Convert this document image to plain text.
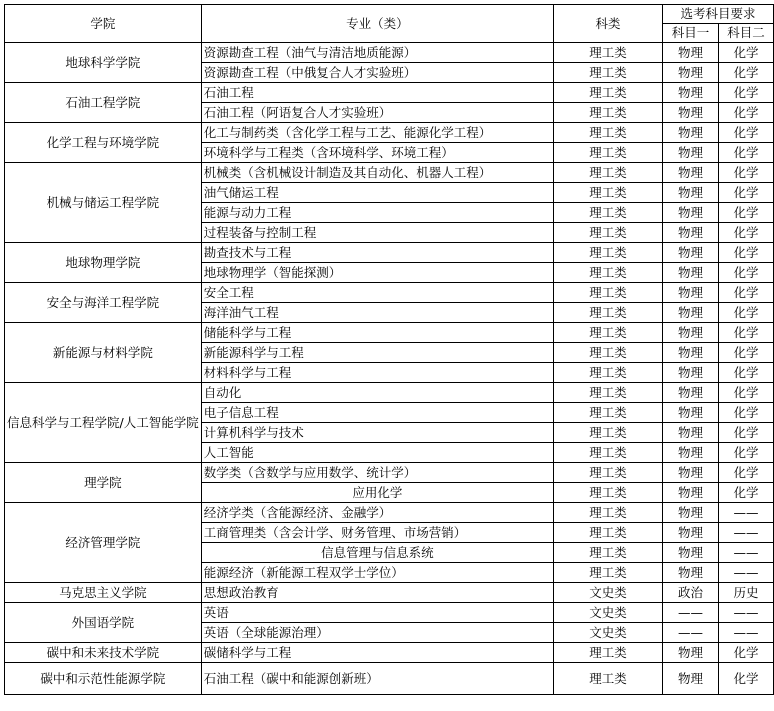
学院	专业（类）	科类	选考科目要求	
			科目一	科目二
地球科学学院	资源勘查工程（油气与清洁地质能源）	理工类	物理	化学
	资源勘查工程（中俄复合人才实验班）	理工类	物理	化学
石油工程学院	石油工程	理工类	物理	化学
	石油工程（阿语复合人才实验班）	理工类	物理	化学
化学工程与环境学院	化工与制药类（含化学工程与工艺、能源化学工程）	理工类	物理	化学
	环境科学与工程类（含环境科学、环境工程）	理工类	物理	化学
机械与储运工程学院	机械类（含机械设计制造及其自动化、机器人工程）	理工类	物理	化学
	油气储运工程	理工类	物理	化学
	能源与动力工程	理工类	物理	化学
	过程装备与控制工程	理工类	物理	化学
地球物理学院	勘查技术与工程	理工类	物理	化学
	地球物理学（智能探测）	理工类	物理	化学
安全与海洋工程学院	安全工程	理工类	物理	化学
	海洋油气工程	理工类	物理	化学
新能源与材料学院	储能科学与工程	理工类	物理	化学
	新能源科学与工程	理工类	物理	化学
	材料科学与工程	理工类	物理	化学
信息科学与工程学院/人工智能学院	自动化	理工类	物理	化学
	电子信息工程	理工类	物理	化学
	计算机科学与技术	理工类	物理	化学
	人工智能	理工类	物理	化学
理学院	数学类（含数学与应用数学、统计学）	理工类	物理	化学
	应用化学	理工类	物理	化学
经济管理学院	经济学类（含能源经济、金融学）	理工类	物理	——
	工商管理类（含会计学、财务管理、市场营销）	理工类	物理	——
	信息管理与信息系统	理工类	物理	——
	能源经济（新能源工程双学士学位）	理工类	物理	——
马克思主义学院	思想政治教育	文史类	政治	历史
外国语学院	英语	文史类	——	——
	英语（全球能源治理）	文史类	——	——
碳中和未来技术学院	碳储科学与工程	理工类	物理	化学
碳中和示范性能源学院	石油工程（碳中和能源创新班）	理工类	物理	化学
